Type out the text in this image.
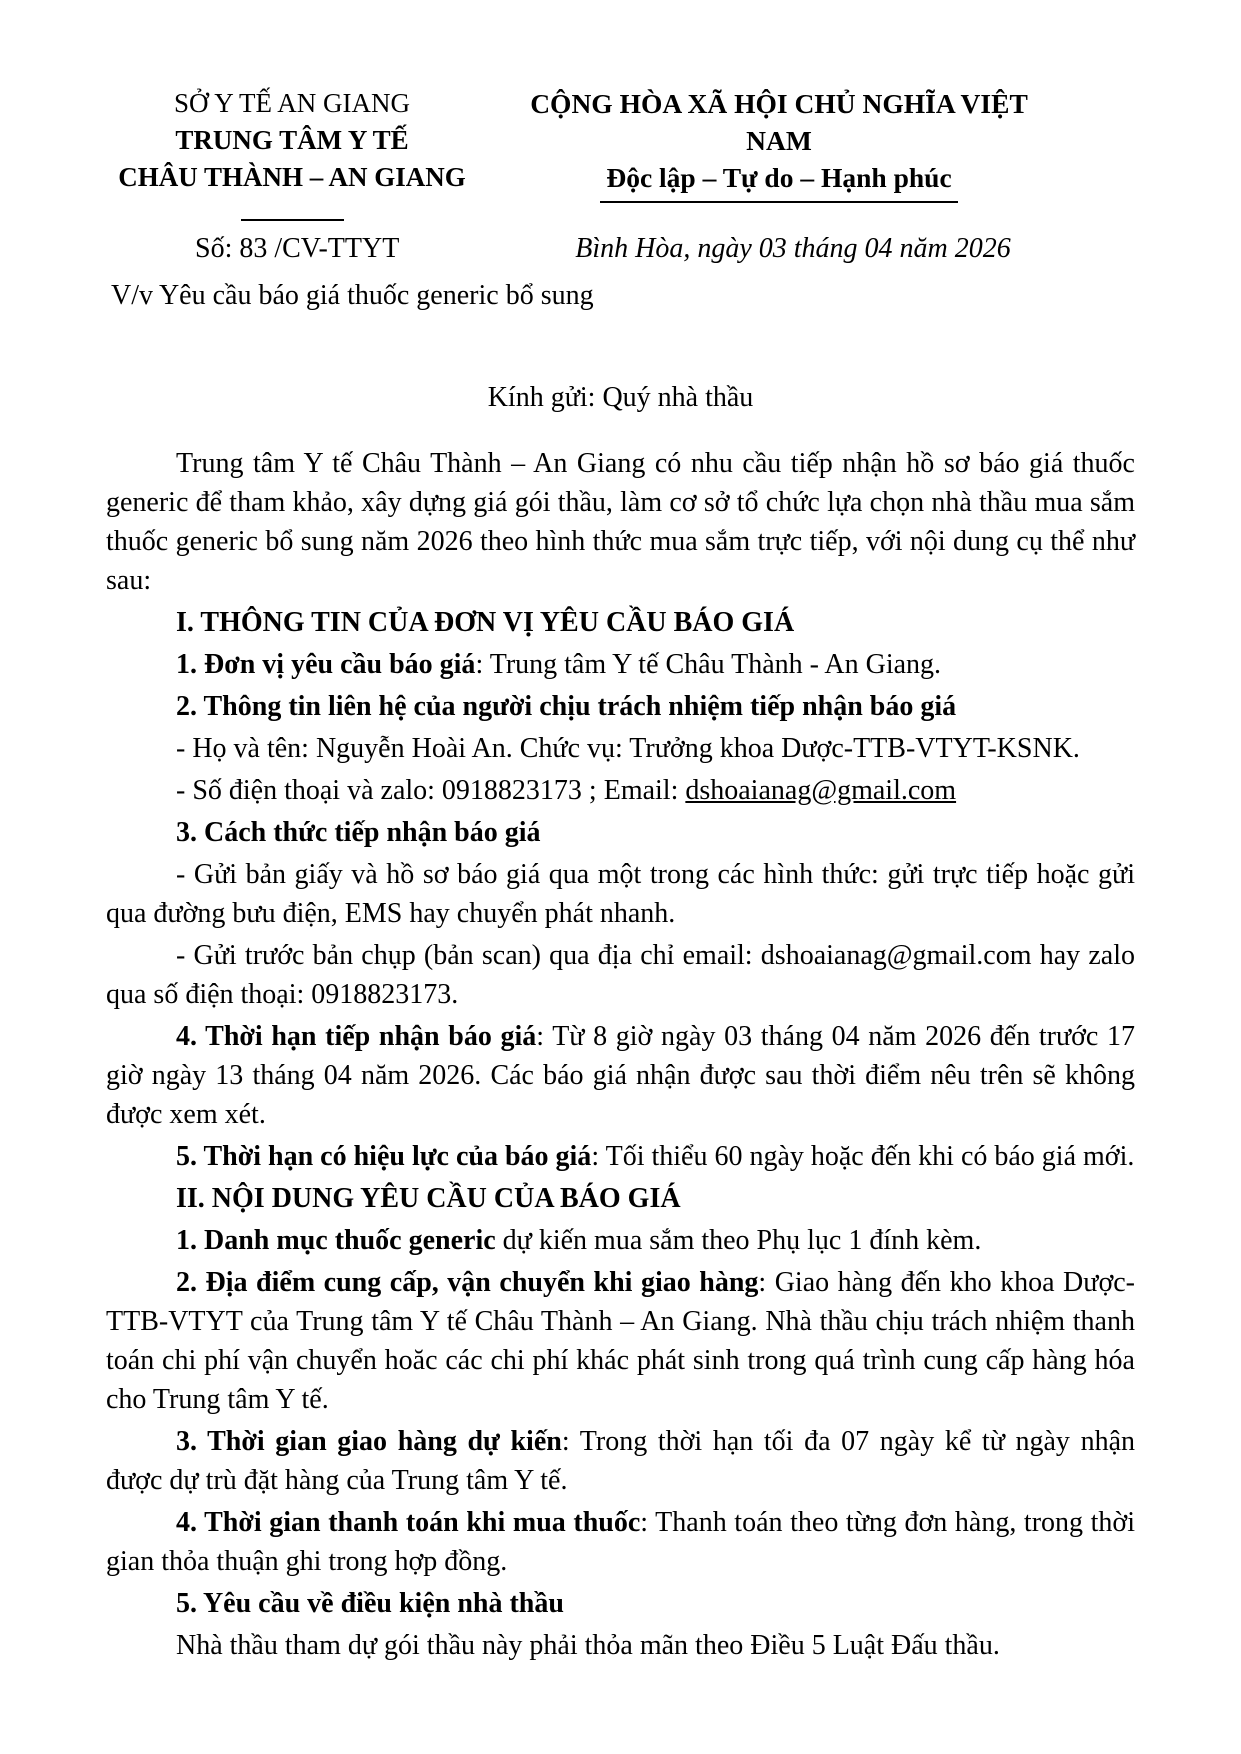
SỞ Y TẾ AN GIANG
TRUNG TÂM Y TẾ
CHÂU THÀNH – AN GIANG
CỘNG HÒA XÃ HỘI CHỦ NGHĨA VIỆT NAM
Độc lập – Tự do – Hạnh phúc
Số: 83 /CV-TTYT	Bình Hòa, ngày 03 tháng 04 năm 2026
V/v Yêu cầu báo giá thuốc generic bổ sung
Kính gửi: Quý nhà thầu

Trung tâm Y tế Châu Thành – An Giang có nhu cầu tiếp nhận hồ sơ báo giá thuốc generic để tham khảo, xây dựng giá gói thầu, làm cơ sở tổ chức lựa chọn nhà thầu mua sắm thuốc generic bổ sung năm 2026 theo hình thức mua sắm trực tiếp, với nội dung cụ thể như sau:

I. THÔNG TIN CỦA ĐƠN VỊ YÊU CẦU BÁO GIÁ

1. Đơn vị yêu cầu báo giá: Trung tâm Y tế Châu Thành - An Giang.

2. Thông tin liên hệ của người chịu trách nhiệm tiếp nhận báo giá

- Họ và tên: Nguyễn Hoài An. Chức vụ: Trưởng khoa Dược-TTB-VTYT-KSNK.

- Số điện thoại và zalo: 0918823173 ; Email: dshoaianag@gmail.com

3. Cách thức tiếp nhận báo giá

- Gửi bản giấy và hồ sơ báo giá qua một trong các hình thức: gửi trực tiếp hoặc gửi qua đường bưu điện, EMS hay chuyển phát nhanh.

- Gửi trước bản chụp (bản scan) qua địa chỉ email: dshoaianag@gmail.com hay zalo qua số điện thoại: 0918823173.

4. Thời hạn tiếp nhận báo giá: Từ 8 giờ ngày 03 tháng 04 năm 2026 đến trước 17 giờ ngày 13 tháng 04 năm 2026. Các báo giá nhận được sau thời điểm nêu trên sẽ không được xem xét.

5. Thời hạn có hiệu lực của báo giá: Tối thiểu 60 ngày hoặc đến khi có báo giá mới.

II. NỘI DUNG YÊU CẦU CỦA BÁO GIÁ

1. Danh mục thuốc generic dự kiến mua sắm theo Phụ lục 1 đính kèm.

2. Địa điểm cung cấp, vận chuyển khi giao hàng: Giao hàng đến kho khoa Dược-TTB-VTYT của Trung tâm Y tế Châu Thành – An Giang. Nhà thầu chịu trách nhiệm thanh toán chi phí vận chuyển hoăc các chi phí khác phát sinh trong quá trình cung cấp hàng hóa cho Trung tâm Y tế.

3. Thời gian giao hàng dự kiến: Trong thời hạn tối đa 07 ngày kể từ ngày nhận được dự trù đặt hàng của Trung tâm Y tế.

4. Thời gian thanh toán khi mua thuốc: Thanh toán theo từng đơn hàng, trong thời gian thỏa thuận ghi trong hợp đồng.

5. Yêu cầu về điều kiện nhà thầu

Nhà thầu tham dự gói thầu này phải thỏa mãn theo Điều 5 Luật Đấu thầu.
